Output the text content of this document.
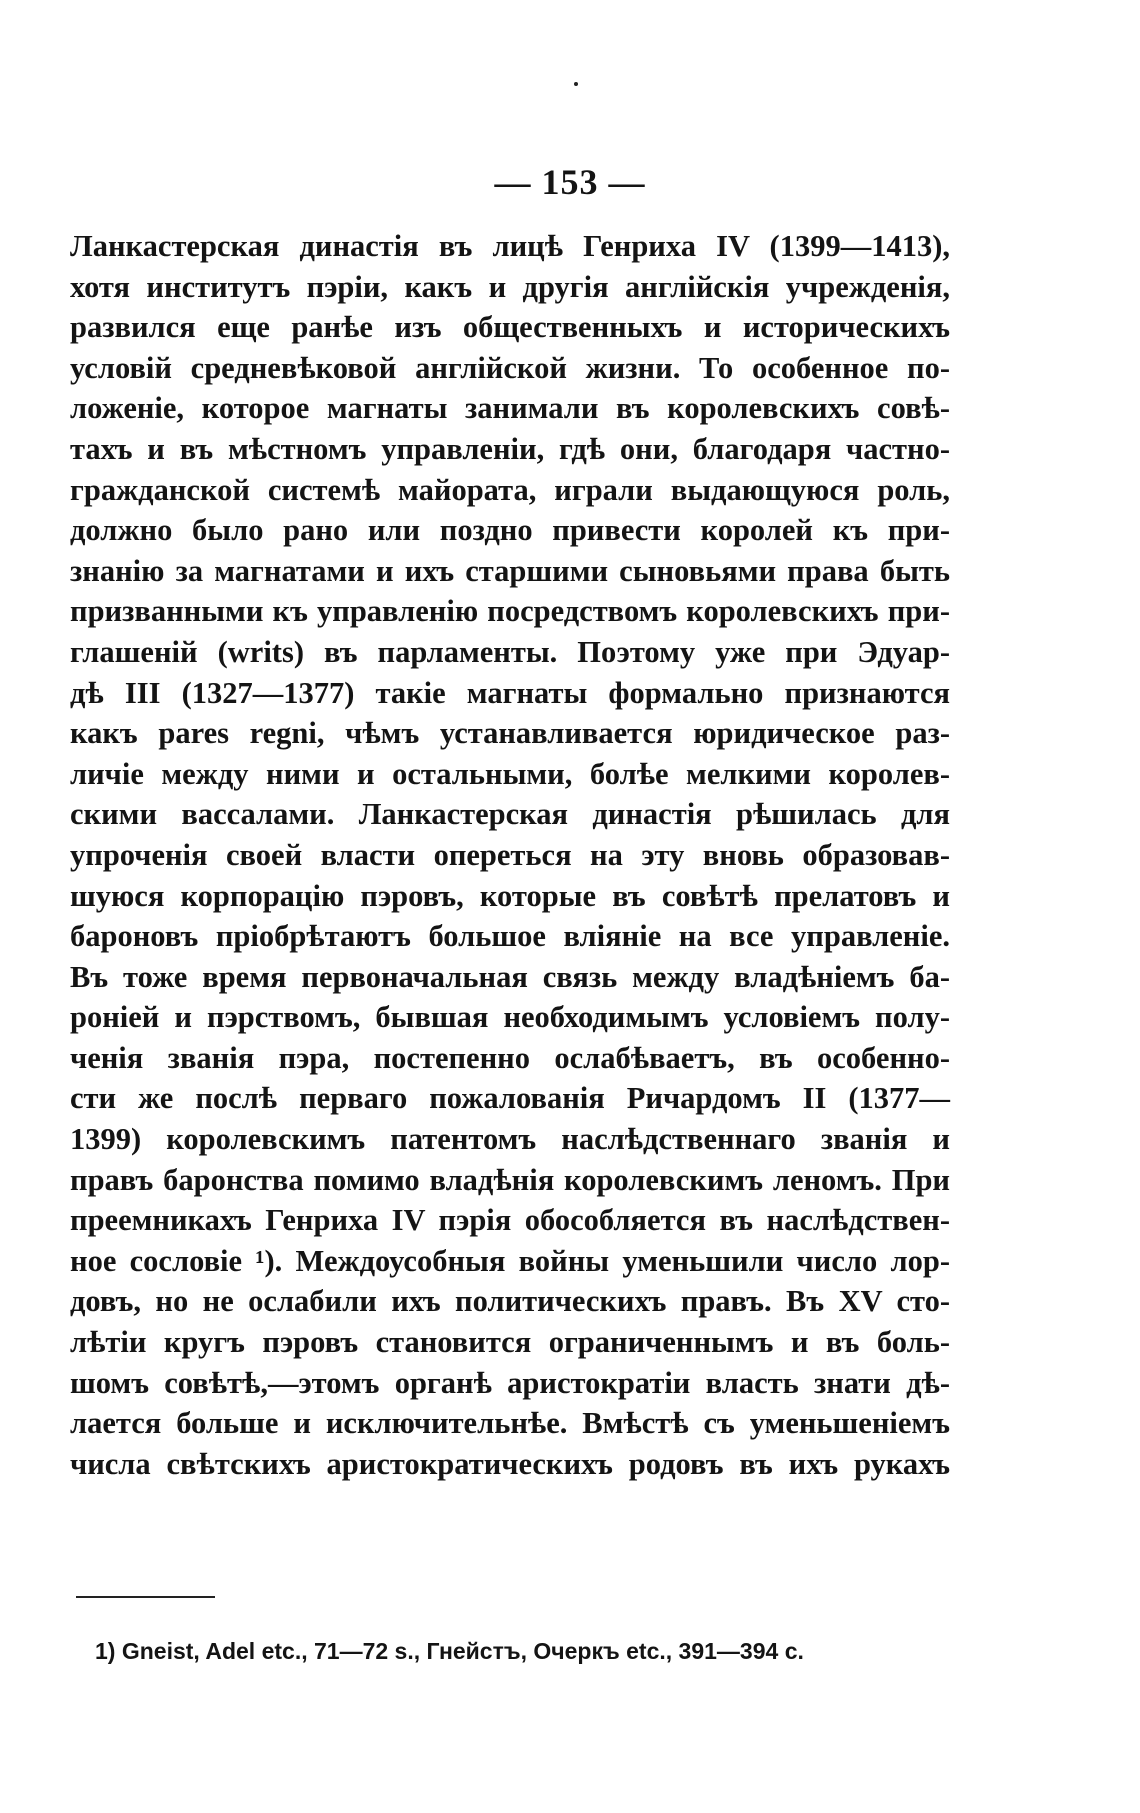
— 153 —
Ланкастерская династія въ лицѣ Генриха IV (1399—1413),
хотя институтъ пэріи, какъ и другія англійскія учрежденія,
развился еще ранѣе изъ общественныхъ и историческихъ
условій средневѣковой англійской жизни. То особенное по-
ложеніе, которое магнаты занимали въ королевскихъ совѣ-
тахъ и въ мѣстномъ управленіи, гдѣ они, благодаря частно-
гражданской системѣ майората, играли выдающуюся роль,
должно было рано или поздно привести королей къ при-
знанію за магнатами и ихъ старшими сыновьями права быть
призванными къ управленію посредствомъ королевскихъ при-
глашеній (writs) въ парламенты. Поэтому уже при Эдуар-
дѣ III (1327—1377) такіе магнаты формально признаются
какъ pares regni, чѣмъ устанавливается юридическое раз-
личіе между ними и остальными, болѣе мелкими королев-
скими вассалами. Ланкастерская династія рѣшилась для
упроченія своей власти опереться на эту вновь образовав-
шуюся корпорацію пэровъ, которые въ совѣтѣ прелатовъ и
бароновъ пріобрѣтаютъ большое вліяніе на все управленіе.
Въ тоже время первоначальная связь между владѣніемъ ба-
роніей и пэрствомъ, бывшая необходимымъ условіемъ полу-
ченія званія пэра, постепенно ослабѣваетъ, въ особенно-
сти же послѣ перваго пожалованія Ричардомъ II (1377—
1399) королевскимъ патентомъ наслѣдственнаго званія и
правъ баронства помимо владѣнія королевскимъ леномъ. При
преемникахъ Генриха IV пэрія обособляется въ наслѣдствен-
ное сословіе ¹). Междоусобныя войны уменьшили число лор-
довъ, но не ослабили ихъ политическихъ правъ. Въ XV сто-
лѣтіи кругъ пэровъ становится ограниченнымъ и въ боль-
шомъ совѣтѣ,—этомъ органѣ аристократіи власть знати дѣ-
лается больше и исключительнѣе. Вмѣстѣ съ уменьшеніемъ
числа свѣтскихъ аристократическихъ родовъ въ ихъ рукахъ
1) Gneist, Adel etc., 71—72 s., Гнейстъ, Очеркъ etc., 391—394 с.
